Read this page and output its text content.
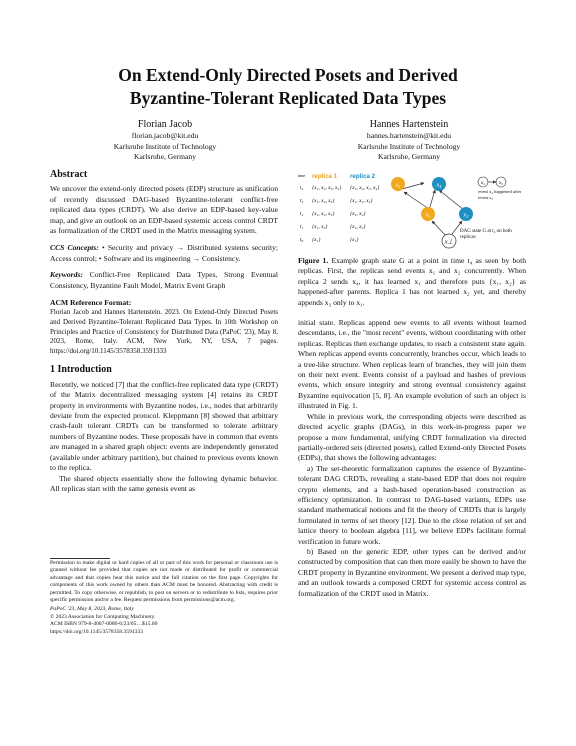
On Extend-Only Directed Posets and Derived
Byzantine-Tolerant Replicated Data Types
Florian Jacob
florian.jacob@kit.edu
Karlsruhe Institute of Technology
Karlsruhe, Germany
Hannes Hartenstein
hannes.hartenstein@kit.edu
Karlsruhe Institute of Technology
Karlsruhe, Germany
Abstract

We uncover the extend-only directed posets (EDP) structure as unification of recently discussed DAG-based Byzantine-tolerant conflict-free replicated data types (CRDT). We also derive an EDP-based key-value map, and give an outlook on an EDP-based systemic access control CRDT as formalization of the CRDT used in the Matrix messaging system.

CCS Concepts: • Security and privacy → Distributed systems security; Access control; • Software and its engineering → Consistency.

Keywords: Conflict-Free Replicated Data Types, Strong Eventual Consistency, Byzantine Fault Model, Matrix Event Graph

ACM Reference Format:

Florian Jacob and Hannes Hartenstein. 2023. On Extend-Only Directed Posets and Derived Byzantine-Tolerant Replicated Data Types. In 10th Workshop on Principles and Practice of Consistency for Distributed Data (PaPoC '23), May 8, 2023, Rome, Italy. ACM, New York, NY, USA, 7 pages. https://doi.org/10.1145/3578358.3591333

1 Introduction

Recently, we noticed [7] that the conflict-free replicated data type (CRDT) of the Matrix decentralized messaging system [4] retains its CRDT property in environments with Byzantine nodes, i.e., nodes that arbitrarily deviate from the expected protocol. Kleppmann [8] showed that arbitrary crash-fault tolerant CRDTs can be transformed to tolerate arbitrary numbers of Byzantine nodes. These proposals have in common that events are managed in a shared graph object: events are independently generated (available under arbitrary partition), but chained to previous events known to the replica.

The shared objects essentially show the following dynamic behavior. All replicas start with the same genesis event as

Permission to make digital or hard copies of all or part of this work for personal or classroom use is granted without fee provided that copies are not made or distributed for profit or commercial advantage and that copies bear this notice and the full citation on the first page. Copyrights for components of this work owned by others than ACM must be honored. Abstracting with credit is permitted. To copy otherwise, or republish, to post on servers or to redistribute to lists, requires prior specific permission and/or a fee. Request permissions from permissions@acm.org.

PaPoC '23, May 8, 2023, Rome, Italy

© 2023 Association for Computing Machinery.

ACM ISBN 979-8-4007-0086-6/23/05…$15.00

https://doi.org/10.1145/3578358.3591333

time replica 1 replica 2
t₄ {x₁, x₂, x₃, x₄} {x₁, x₂, x₃, x₄}
t₃ {x₁, x₂, x₃}	{x₁, x₂, x₄}
t₂ {x₁, x₂, x₃}	{x₁, x₂}
t₁ {x₁, x₃}	{x₁, x₂}
t₀ {x₁}	{x₁}
x₃	x₄
x₁	x₂
x⊥
x₄	x₃
event x₄ happened after event x₃
DAG state G at t₄ on both replicas

Figure 1. Example graph state G at a point in time t₄ as seen by both replicas. First, the replicas send events x₁ and x₂ concurrently. When replica 2 sends x₄, it has learned x₁ and therefore puts {x₁, x₂} as happened-after parents. Replica 1 has not learned x₂ yet, and thereby appends x₃ only to x₁.

initial state. Replicas append new events to all events without learned descendants, i.e., the "most recent" events, without coordinating with other replicas. Replicas then exchange updates, to reach a consistent state again. When replicas append events concurrently, branches occur, which leads to a tree-like structure. When replicas learn of branches, they will join them on their next event. Events consist of a payload and hashes of previous events, which ensure integrity and strong eventual consistency against Byzantine equivocation [5, 8]. An example evolution of such an object is illustrated in Fig. 1.

While in previous work, the corresponding objects were described as directed acyclic graphs (DAGs), in this work-in-progress paper we propose a more fundamental, unifying CRDT formalization via directed partially-ordered sets (directed posets), called Extend-only Directed Posets (EDPs), that shows the following advantages:

a) The set-theoretic formalization captures the essence of Byzantine-tolerant DAG CRDTs, revealing a state-based EDP that does not require crypto elements, and a hash-based operation-based construction as efficiency optimization. In contrast to DAG-based variants, EDPs use standard mathematical notions and fit the theory of CRDTs that is largely formulated in terms of set theory [12]. Due to the close relation of set and lattice theory to boolean algebra [11], we believe EDPs facilitate formal verification in future work.

b) Based on the generic EDP, other types can be derived and/or constructed by composition that can then more easily be shown to have the CRDT property in Byzantine environment. We present a derived map type, and an outlook towards a composed CRDT for systemic access control as formalization of the CRDT used in Matrix.
